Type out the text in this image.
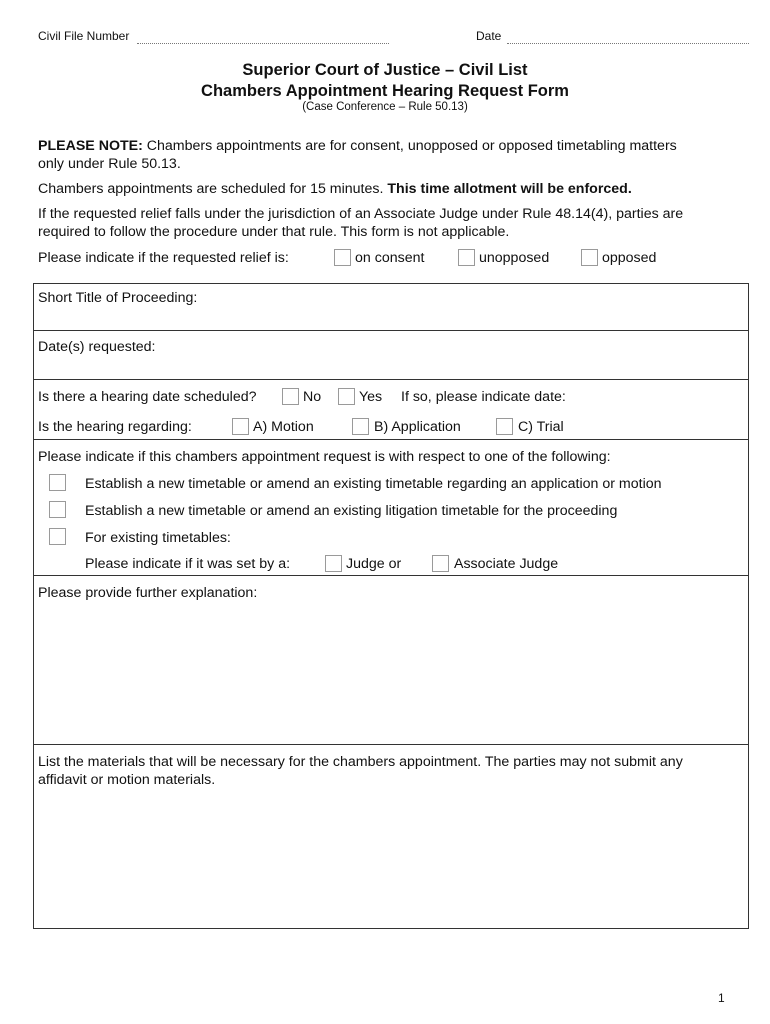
Civil File Number	Date
Superior Court of Justice – Civil List
Chambers Appointment Hearing Request Form
(Case Conference – Rule 50.13)
PLEASE NOTE: Chambers appointments are for consent, unopposed or opposed timetabling matters
only under Rule 50.13.
Chambers appointments are scheduled for 15 minutes. This time allotment will be enforced.
If the requested relief falls under the jurisdiction of an Associate Judge under Rule 48.14(4), parties are
required to follow the procedure under that rule. This form is not applicable.
Please indicate if the requested relief is:	on consent	unopposed	opposed
Short Title of Proceeding:
Date(s) requested:
Is there a hearing date scheduled?	No	Yes If so, please indicate date:
Is the hearing regarding:	A) Motion	B) Application	C) Trial
Please indicate if this chambers appointment request is with respect to one of the following:
Establish a new timetable or amend an existing timetable regarding an application or motion
Establish a new timetable or amend an existing litigation timetable for the proceeding
For existing timetables:
Please indicate if it was set by a:	Judge or	Associate Judge
Please provide further explanation:
List the materials that will be necessary for the chambers appointment. The parties may not submit any
affidavit or motion materials.
1
